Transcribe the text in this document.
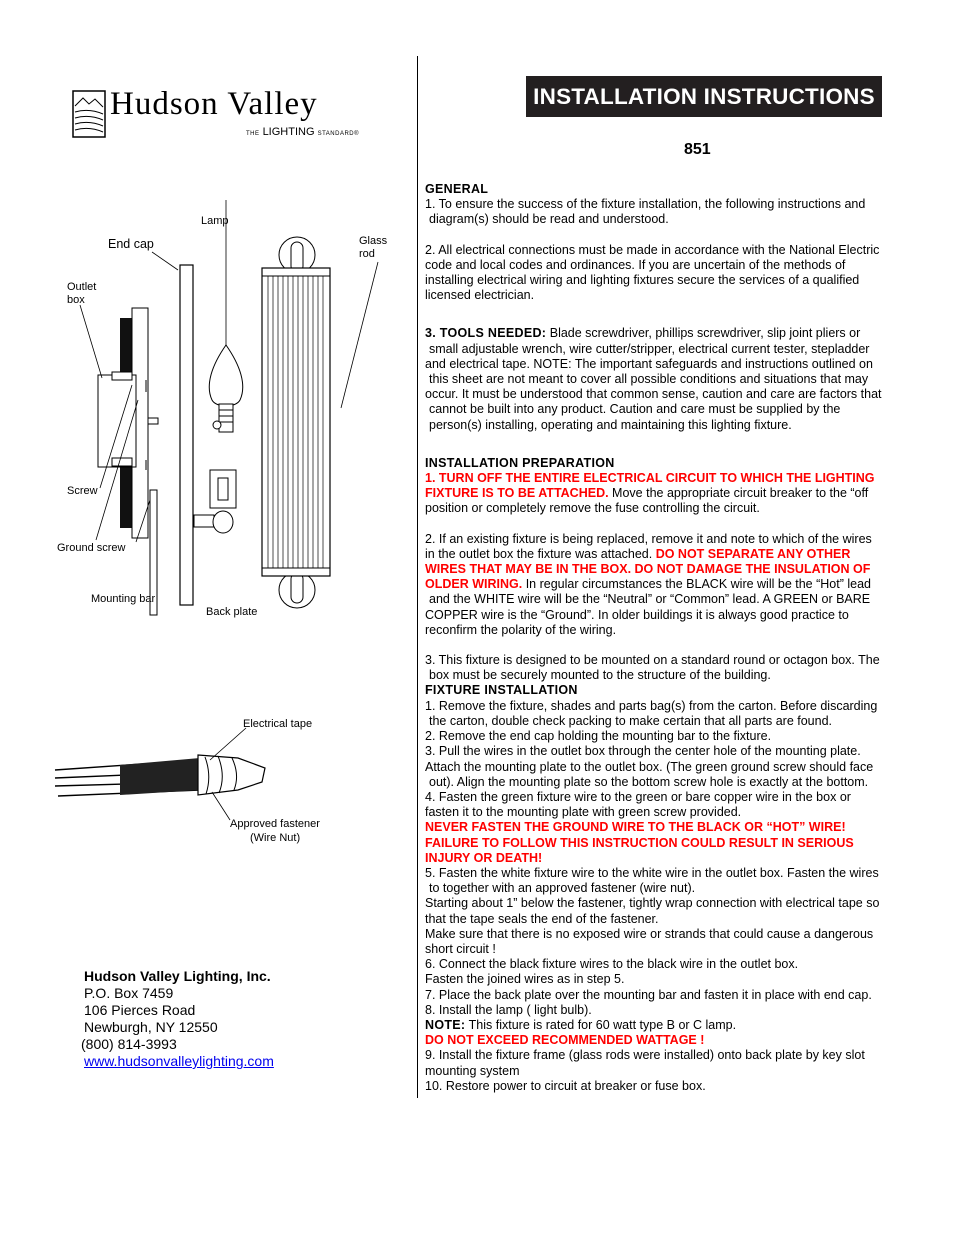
Hudson Valley
THE LIGHTING STANDARD®
Lamp
End cap	Glass
rod
Outlet
box
Screw
Ground screw
Mounting bar
Back plate
Electrical tape
Approved fastener
(Wire Nut)
Hudson Valley Lighting, Inc.
P.O. Box 7459
106 Pierces Road
Newburgh, NY 12550
(800) 814-3993
www.hudsonvalleylighting.com
INSTALLATION INSTRUCTIONS
851

GENERAL

1. To ensure the success of the fixture installation, the following instructions and

diagram(s) should be read and understood.

2. All electrical connections must be made in accordance with the National Electric

code and local codes and ordinances. If you are uncertain of the methods of

installing electrical wiring and lighting fixtures secure the services of a qualified

licensed electrician.

3. TOOLS NEEDED: Blade screwdriver, phillips screwdriver, slip joint pliers or

small adjustable wrench, wire cutter/stripper, electrical current tester, stepladder

and electrical tape. NOTE: The important safeguards and instructions outlined on

this sheet are not meant to cover all possible conditions and situations that may

occur. It must be understood that common sense, caution and care are factors that

cannot be built into any product. Caution and care must be supplied by the

person(s) installing, operating and maintaining this lighting fixture.

INSTALLATION PREPARATION

1. TURN OFF THE ENTIRE ELECTRICAL CIRCUIT TO WHICH THE LIGHTING

FIXTURE IS TO BE ATTACHED. Move the appropriate circuit breaker to the “off

position or completely remove the fuse controlling the circuit.

2. If an existing fixture is being replaced, remove it and note to which of the wires

in the outlet box the fixture was attached. DO NOT SEPARATE ANY OTHER

WIRES THAT MAY BE IN THE BOX. DO NOT DAMAGE THE INSULATION OF

OLDER WIRING. In regular circumstances the BLACK wire will be the “Hot” lead

and the WHITE wire will be the “Neutral” or “Common” lead. A GREEN or BARE

COPPER wire is the “Ground”. In older buildings it is always good practice to

reconfirm the polarity of the wiring.

3. This fixture is designed to be mounted on a standard round or octagon box. The

box must be securely mounted to the structure of the building.

FIXTURE INSTALLATION

1. Remove the fixture, shades and parts bag(s) from the carton. Before discarding

the carton, double check packing to make certain that all parts are found.

2. Remove the end cap holding the mounting bar to the fixture.

3. Pull the wires in the outlet box through the center hole of the mounting plate.

Attach the mounting plate to the outlet box. (The green ground screw should face

out). Align the mounting plate so the bottom screw hole is exactly at the bottom.

4. Fasten the green fixture wire to the green or bare copper wire in the box or

fasten it to the mounting plate with green screw provided.

NEVER FASTEN THE GROUND WIRE TO THE BLACK OR “HOT” WIRE!

FAILURE TO FOLLOW THIS INSTRUCTION COULD RESULT IN SERIOUS

INJURY OR DEATH!

5. Fasten the white fixture wire to the white wire in the outlet box. Fasten the wires

to together with an approved fastener (wire nut).

Starting about 1” below the fastener, tightly wrap connection with electrical tape so

that the tape seals the end of the fastener.

Make sure that there is no exposed wire or strands that could cause a dangerous

short circuit !

6. Connect the black fixture wires to the black wire in the outlet box.

Fasten the joined wires as in step 5.

7. Place the back plate over the mounting bar and fasten it in place with end cap.

8. Install the lamp ( light bulb).

NOTE: This fixture is rated for 60 watt type B or C lamp.

DO NOT EXCEED RECOMMENDED WATTAGE !

9. Install the fixture frame (glass rods were installed) onto back plate by key slot

mounting system

10. Restore power to circuit at breaker or fuse box.
